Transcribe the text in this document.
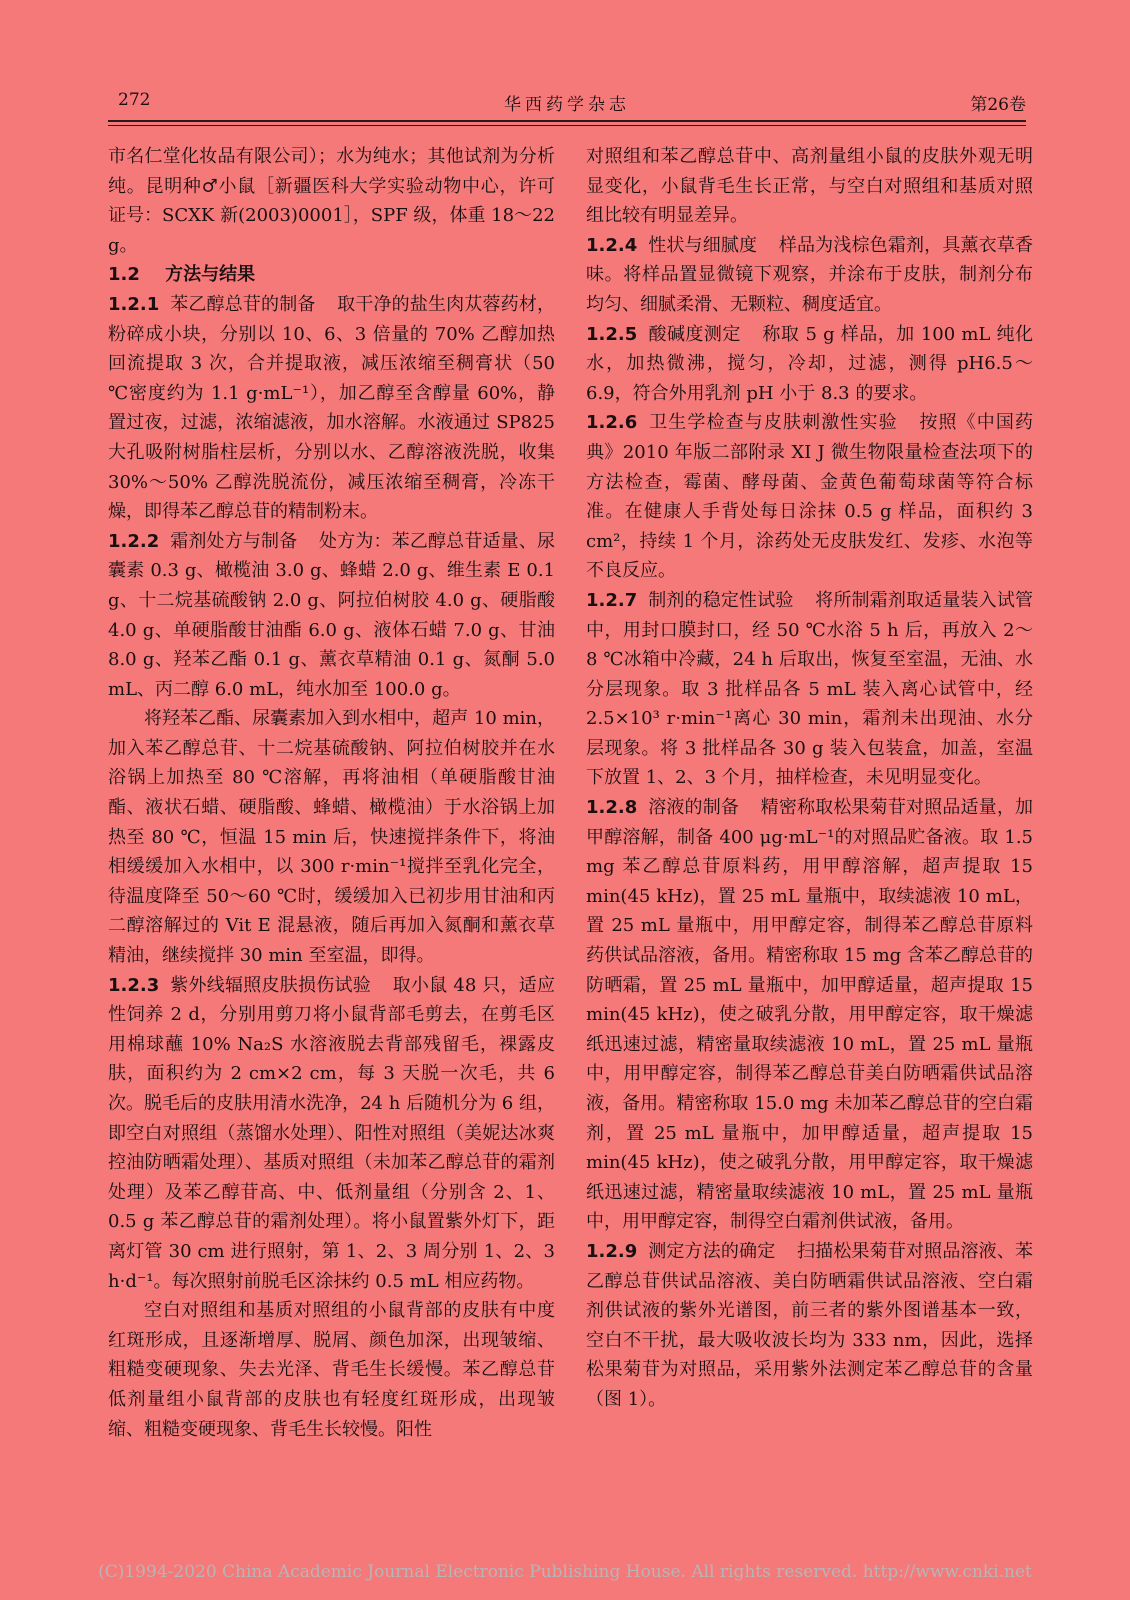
272	华西药学杂志	第26卷

市名仁堂化妆品有限公司）；水为纯水；其他试剂为分析纯。昆明种♂小鼠［新疆医科大学实验动物中心，许可证号：SCXK 新(2003)0001］，SPF 级，体重 18～22 g。

1.2 方法与结果

1.2.1 苯乙醇总苷的制备 取干净的盐生肉苁蓉药材，粉碎成小块，分别以 10、6、3 倍量的 70% 乙醇加热回流提取 3 次，合并提取液，减压浓缩至稠膏状（50 ℃密度约为 1.1 g·mL⁻¹），加乙醇至含醇量 60%，静置过夜，过滤，浓缩滤液，加水溶解。水液通过 SP825 大孔吸附树脂柱层析，分别以水、乙醇溶液洗脱，收集 30%～50% 乙醇洗脱流份，减压浓缩至稠膏，冷冻干燥，即得苯乙醇总苷的精制粉末。

1.2.2 霜剂处方与制备 处方为：苯乙醇总苷适量、尿囊素 0.3 g、橄榄油 3.0 g、蜂蜡 2.0 g、维生素 E 0.1 g、十二烷基硫酸钠 2.0 g、阿拉伯树胶 4.0 g、硬脂酸 4.0 g、单硬脂酸甘油酯 6.0 g、液体石蜡 7.0 g、甘油 8.0 g、羟苯乙酯 0.1 g、薰衣草精油 0.1 g、氮酮 5.0 mL、丙二醇 6.0 mL，纯水加至 100.0 g。

将羟苯乙酯、尿囊素加入到水相中，超声 10 min，加入苯乙醇总苷、十二烷基硫酸钠、阿拉伯树胶并在水浴锅上加热至 80 ℃溶解，再将油相（单硬脂酸甘油酯、液状石蜡、硬脂酸、蜂蜡、橄榄油）于水浴锅上加热至 80 ℃，恒温 15 min 后，快速搅拌条件下，将油相缓缓加入水相中，以 300 r·min⁻¹搅拌至乳化完全，待温度降至 50～60 ℃时，缓缓加入已初步用甘油和丙二醇溶解过的 Vit E 混悬液，随后再加入氮酮和薰衣草精油，继续搅拌 30 min 至室温，即得。

1.2.3 紫外线辐照皮肤损伤试验 取小鼠 48 只，适应性饲养 2 d，分别用剪刀将小鼠背部毛剪去，在剪毛区用棉球蘸 10% Na₂S 水溶液脱去背部残留毛，裸露皮肤，面积约为 2 cm×2 cm，每 3 天脱一次毛，共 6 次。脱毛后的皮肤用清水洗净，24 h 后随机分为 6 组，即空白对照组（蒸馏水处理）、阳性对照组（美妮达冰爽控油防晒霜处理）、基质对照组（未加苯乙醇总苷的霜剂处理）及苯乙醇苷高、中、低剂量组（分别含 2、1、0.5 g 苯乙醇总苷的霜剂处理）。将小鼠置紫外灯下，距离灯管 30 cm 进行照射，第 1、2、3 周分别 1、2、3 h·d⁻¹。每次照射前脱毛区涂抹约 0.5 mL 相应药物。

空白对照组和基质对照组的小鼠背部的皮肤有中度红斑形成，且逐渐增厚、脱屑、颜色加深，出现皱缩、粗糙变硬现象、失去光泽、背毛生长缓慢。苯乙醇总苷低剂量组小鼠背部的皮肤也有轻度红斑形成，出现皱缩、粗糙变硬现象、背毛生长较慢。阳性

对照组和苯乙醇总苷中、高剂量组小鼠的皮肤外观无明显变化，小鼠背毛生长正常，与空白对照组和基质对照组比较有明显差异。

1.2.4 性状与细腻度 样品为浅棕色霜剂，具薰衣草香味。将样品置显微镜下观察，并涂布于皮肤，制剂分布均匀、细腻柔滑、无颗粒、稠度适宜。

1.2.5 酸碱度测定 称取 5 g 样品，加 100 mL 纯化水，加热微沸，搅匀，冷却，过滤，测得 pH6.5～6.9，符合外用乳剂 pH 小于 8.3 的要求。

1.2.6 卫生学检查与皮肤刺激性实验 按照《中国药典》2010 年版二部附录 XI J 微生物限量检查法项下的方法检查，霉菌、酵母菌、金黄色葡萄球菌等符合标准。在健康人手背处每日涂抹 0.5 g 样品，面积约 3 cm²，持续 1 个月，涂药处无皮肤发红、发疹、水泡等不良反应。

1.2.7 制剂的稳定性试验 将所制霜剂取适量装入试管中，用封口膜封口，经 50 ℃水浴 5 h 后，再放入 2～8 ℃冰箱中冷藏，24 h 后取出，恢复至室温，无油、水分层现象。取 3 批样品各 5 mL 装入离心试管中，经 2.5×10³ r·min⁻¹离心 30 min，霜剂未出现油、水分层现象。将 3 批样品各 30 g 装入包装盒，加盖，室温下放置 1、2、3 个月，抽样检查，未见明显变化。

1.2.8 溶液的制备 精密称取松果菊苷对照品适量，加甲醇溶解，制备 400 μg·mL⁻¹的对照品贮备液。取 1.5 mg 苯乙醇总苷原料药，用甲醇溶解，超声提取 15 min(45 kHz)，置 25 mL 量瓶中，取续滤液 10 mL，置 25 mL 量瓶中，用甲醇定容，制得苯乙醇总苷原料药供试品溶液，备用。精密称取 15 mg 含苯乙醇总苷的防晒霜，置 25 mL 量瓶中，加甲醇适量，超声提取 15 min(45 kHz)，使之破乳分散，用甲醇定容，取干燥滤纸迅速过滤，精密量取续滤液 10 mL，置 25 mL 量瓶中，用甲醇定容，制得苯乙醇总苷美白防晒霜供试品溶液，备用。精密称取 15.0 mg 未加苯乙醇总苷的空白霜剂，置 25 mL 量瓶中，加甲醇适量，超声提取 15 min(45 kHz)，使之破乳分散，用甲醇定容，取干燥滤纸迅速过滤，精密量取续滤液 10 mL，置 25 mL 量瓶中，用甲醇定容，制得空白霜剂供试液，备用。

1.2.9 测定方法的确定 扫描松果菊苷对照品溶液、苯乙醇总苷供试品溶液、美白防晒霜供试品溶液、空白霜剂供试液的紫外光谱图，前三者的紫外图谱基本一致，空白不干扰，最大吸收波长均为 333 nm，因此，选择松果菊苷为对照品，采用紫外法测定苯乙醇总苷的含量（图 1）。

(C)1994-2020 China Academic Journal Electronic Publishing House. All rights reserved. http://www.cnki.net
